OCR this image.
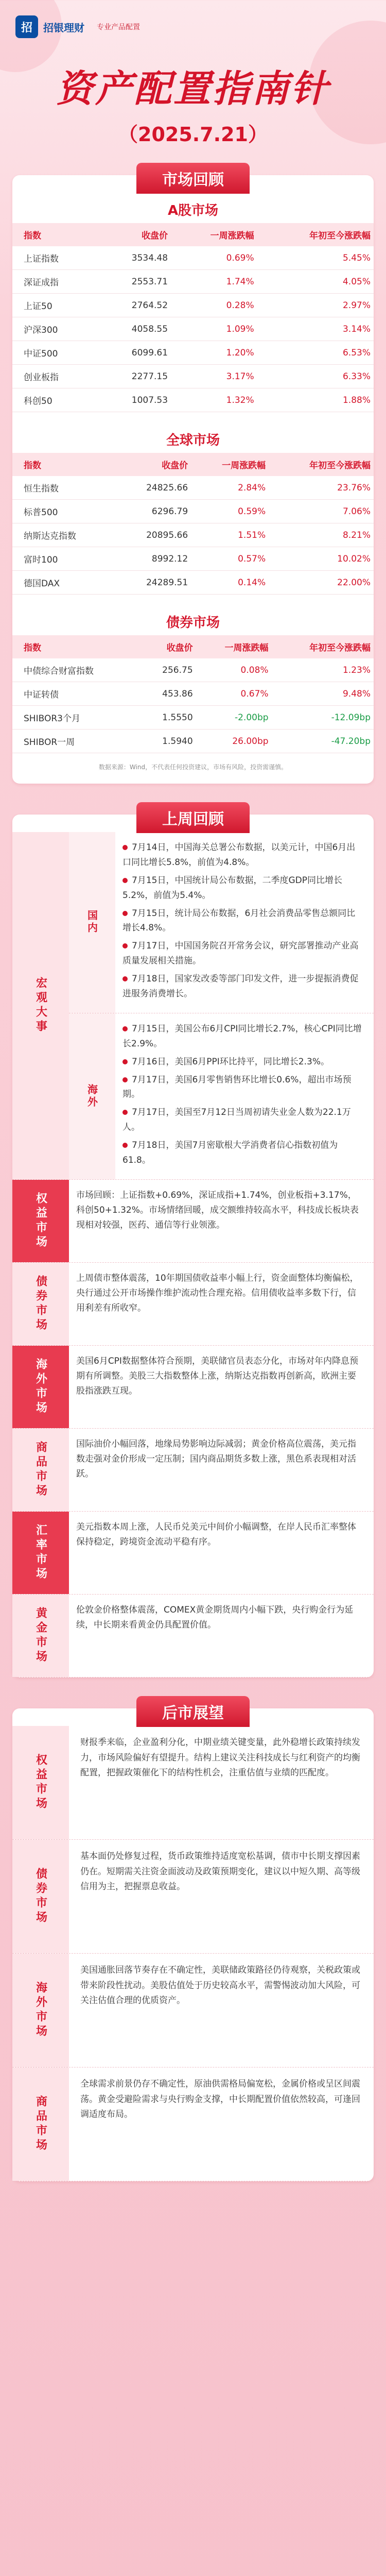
招	招银理财 专业产品配置
资产配置指南针
（2025.7.21）
市场回顾
A股市场
指数	收盘价	一周涨跌幅	年初至今涨跌幅
上证指数	3534.48	0.69%	5.45%
深证成指	2553.71	1.74%	4.05%
上证50	2764.52	0.28%	2.97%
沪深300	4058.55	1.09%	3.14%
中证500	6099.61	1.20%	6.53%
创业板指	2277.15	3.17%	6.33%
科创50	1007.53	1.32%	1.88%
全球市场
指数	收盘价	一周涨跌幅	年初至今涨跌幅
恒生指数	24825.66	2.84%	23.76%
标普500	6296.79	0.59%	7.06%
纳斯达克指数	20895.66	1.51%	8.21%
富时100	8992.12	0.57%	10.02%
德国DAX	24289.51	0.14%	22.00%
债券市场
指数	收盘价	一周涨跌幅	年初至今涨跌幅
中债综合财富指数	256.75	0.08%	1.23%
中证转债	453.86	0.67%	9.48%
SHIBOR3个月	1.5550	-2.00bp	-12.09bp
SHIBOR一周	1.5940	26.00bp	-47.20bp
数据来源：Wind，不代表任何投资建议，市场有风险，投资需谨慎。
上周回顾
宏观大事
国内

7月14日，中国海关总署公布数据，以美元计，中国6月出口同比增长5.8%，前值为4.8%。

7月15日，中国统计局公布数据，二季度GDP同比增长5.2%，前值为5.4%。

7月15日，统计局公布数据，6月社会消费品零售总额同比增长4.8%。

7月17日，中国国务院召开常务会议，研究部署推动产业高质量发展相关措施。

7月18日，国家发改委等部门印发文件，进一步提振消费促进服务消费增长。

海外

7月15日，美国公布6月CPI同比增长2.7%，核心CPI同比增长2.9%。

7月16日，美国6月PPI环比持平，同比增长2.3%。

7月17日，美国6月零售销售环比增长0.6%，超出市场预期。

7月17日，美国至7月12日当周初请失业金人数为22.1万人。

7月18日，美国7月密歇根大学消费者信心指数初值为61.8。

权益市场	市场回顾：上证指数+0.69%，深证成指+1.74%，创业板指+3.17%，科创50+1.32%。市场情绪回暖，成交额维持较高水平，科技成长板块表现相对较强，医药、通信等行业领涨。
债券市场	上周债市整体震荡，10年期国债收益率小幅上行，资金面整体均衡偏松，央行通过公开市场操作维护流动性合理充裕。信用债收益率多数下行，信用利差有所收窄。
海外市场	美国6月CPI数据整体符合预期，美联储官员表态分化，市场对年内降息预期有所调整。美股三大指数整体上涨，纳斯达克指数再创新高，欧洲主要股指涨跌互现。
商品市场	国际油价小幅回落，地缘局势影响边际减弱；黄金价格高位震荡，美元指数走强对金价形成一定压制；国内商品期货多数上涨，黑色系表现相对活跃。
汇率市场	美元指数本周上涨，人民币兑美元中间价小幅调整，在岸人民币汇率整体保持稳定，跨境资金流动平稳有序。
黄金市场	伦敦金价格整体震荡，COMEX黄金期货周内小幅下跌，央行购金行为延续，中长期来看黄金仍具配置价值。
后市展望
权益市场
财报季来临，企业盈利分化，中期业绩关键变量，此外稳增长政策持续发力，市场风险偏好有望提升。结构上建议关注科技成长与红利资产的均衡配置，把握政策催化下的结构性机会，注重估值与业绩的匹配度。
债券市场
基本面仍处修复过程，货币政策维持适度宽松基调，债市中长期支撑因素仍在。短期需关注资金面波动及政策预期变化，建议以中短久期、高等级信用为主，把握票息收益。
海外市场
美国通胀回落节奏存在不确定性，美联储政策路径仍待观察，关税政策或带来阶段性扰动。美股估值处于历史较高水平，需警惕波动加大风险，可关注估值合理的优质资产。
商品市场
全球需求前景仍存不确定性，原油供需格局偏宽松，金属价格或呈区间震荡。黄金受避险需求与央行购金支撑，中长期配置价值依然较高，可逢回调适度布局。
